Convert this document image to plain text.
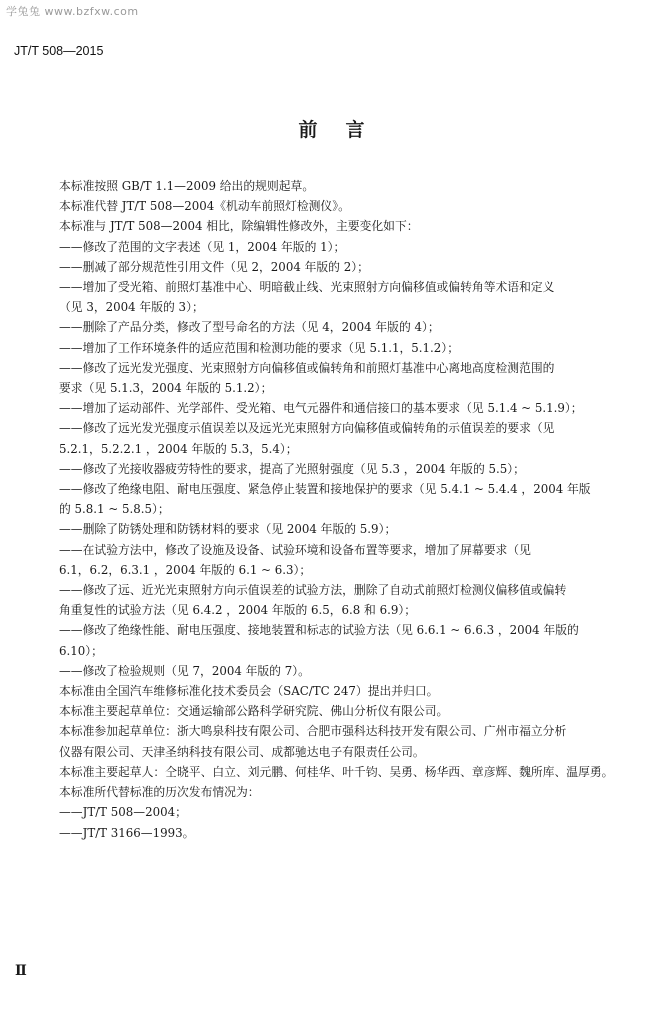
学兔兔 www.bzfxw.com
JT/T 508—2015
前 言

本标准按照 GB/T 1.1—2009 给出的规则起草。

本标准代替 JT/T 508—2004《机动车前照灯检测仪》。

本标准与 JT/T 508—2004 相比，除编辑性修改外，主要变化如下：

——修改了范围的文字表述（见 1，2004 年版的 1）；

——删减了部分规范性引用文件（见 2，2004 年版的 2）；

——增加了受光箱、前照灯基准中心、明暗截止线、光束照射方向偏移值或偏转角等术语和定义

（见 3，2004 年版的 3）；

——删除了产品分类，修改了型号命名的方法（见 4，2004 年版的 4）；

——增加了工作环境条件的适应范围和检测功能的要求（见 5.1.1，5.1.2）；

——修改了远光发光强度、光束照射方向偏移值或偏转角和前照灯基准中心离地高度检测范围的

要求（见 5.1.3，2004 年版的 5.1.2）；

——增加了运动部件、光学部件、受光箱、电气元器件和通信接口的基本要求（见 5.1.4 ~ 5.1.9）；

——修改了远光发光强度示值误差以及远光光束照射方向偏移值或偏转角的示值误差的要求（见

5.2.1，5.2.2.1 ，2004 年版的 5.3，5.4）；

——修改了光接收器疲劳特性的要求，提高了光照射强度（见 5.3 ，2004 年版的 5.5）；

——修改了绝缘电阻、耐电压强度、紧急停止装置和接地保护的要求（见 5.4.1 ~ 5.4.4 ，2004 年版

的 5.8.1 ~ 5.8.5）；

——删除了防锈处理和防锈材料的要求（见 2004 年版的 5.9）；

——在试验方法中，修改了设施及设备、试验环境和设备布置等要求，增加了屏幕要求（见

6.1，6.2，6.3.1 ，2004 年版的 6.1 ~ 6.3）；

——修改了远、近光光束照射方向示值误差的试验方法，删除了自动式前照灯检测仪偏移值或偏转

角重复性的试验方法（见 6.4.2 ，2004 年版的 6.5，6.8 和 6.9）；

——修改了绝缘性能、耐电压强度、接地装置和标志的试验方法（见 6.6.1 ~ 6.6.3 ，2004 年版的

6.10）；

——修改了检验规则（见 7，2004 年版的 7）。

本标准由全国汽车维修标准化技术委员会（SAC/TC 247）提出并归口。

本标准主要起草单位：交通运输部公路科学研究院、佛山分析仪有限公司。

本标准参加起草单位：浙大鸣泉科技有限公司、合肥市强科达科技开发有限公司、广州市福立分析

仪器有限公司、天津圣纳科技有限公司、成都驰达电子有限责任公司。

本标准主要起草人：仝晓平、白立、刘元鹏、何桂华、叶千钧、吴勇、杨华西、章彦辉、魏所库、温厚勇。

本标准所代替标准的历次发布情况为：

——JT/T 508—2004；

——JT/T 3166—1993。

Ⅱ
